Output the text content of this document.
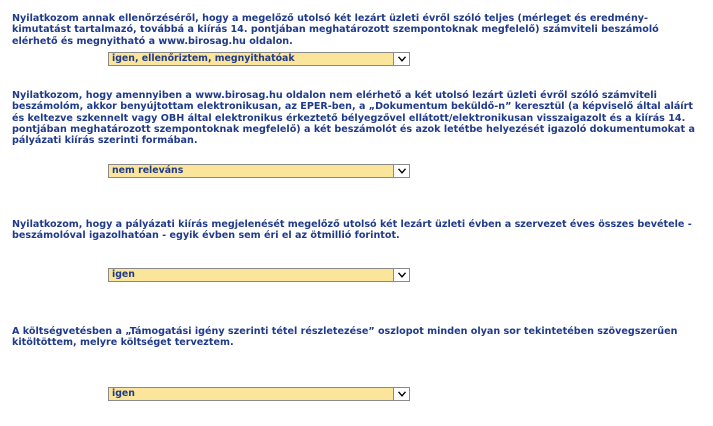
Nyilatkozom annak ellenőrzéséről, hogy a megelőző utolsó két lezárt üzleti évről szóló teljes (mérleget és eredmény-kimutatást tartalmazó, továbbá a kiírás 14. pontjában meghatározott szempontoknak megfelelő) számviteli beszámoló elérhető és megnyitható a www.birosag.hu oldalon.

igen, ellenőriztem, megnyithatóak

Nyilatkozom, hogy amennyiben a www.birosag.hu oldalon nem elérhető a két utolsó lezárt üzleti évről szóló számviteli beszámolóm, akkor benyújtottam elektronikusan, az EPER-ben, a „Dokumentum beküldő-n” keresztül (a képviselő által aláírt és keltezve szkennelt vagy OBH által elektronikus érkeztető bélyegzővel ellátott/elektronikusan visszaigazolt és a kiírás 14. pontjában meghatározott szempontoknak megfelelő) a két beszámolót és azok letétbe helyezését igazoló dokumentumokat a pályázati kiírás szerinti formában.

nem releváns

Nyilatkozom, hogy a pályázati kiírás megjelenését megelőző utolsó két lezárt üzleti évben a szervezet éves összes bevétele - beszámolóval igazolhatóan - egyik évben sem éri el az ötmillió forintot.

igen

A költségvetésben a „Támogatási igény szerinti tétel részletezése” oszlopot minden olyan sor tekintetében szövegszerűen kitöltöttem, melyre költséget terveztem.

igen
